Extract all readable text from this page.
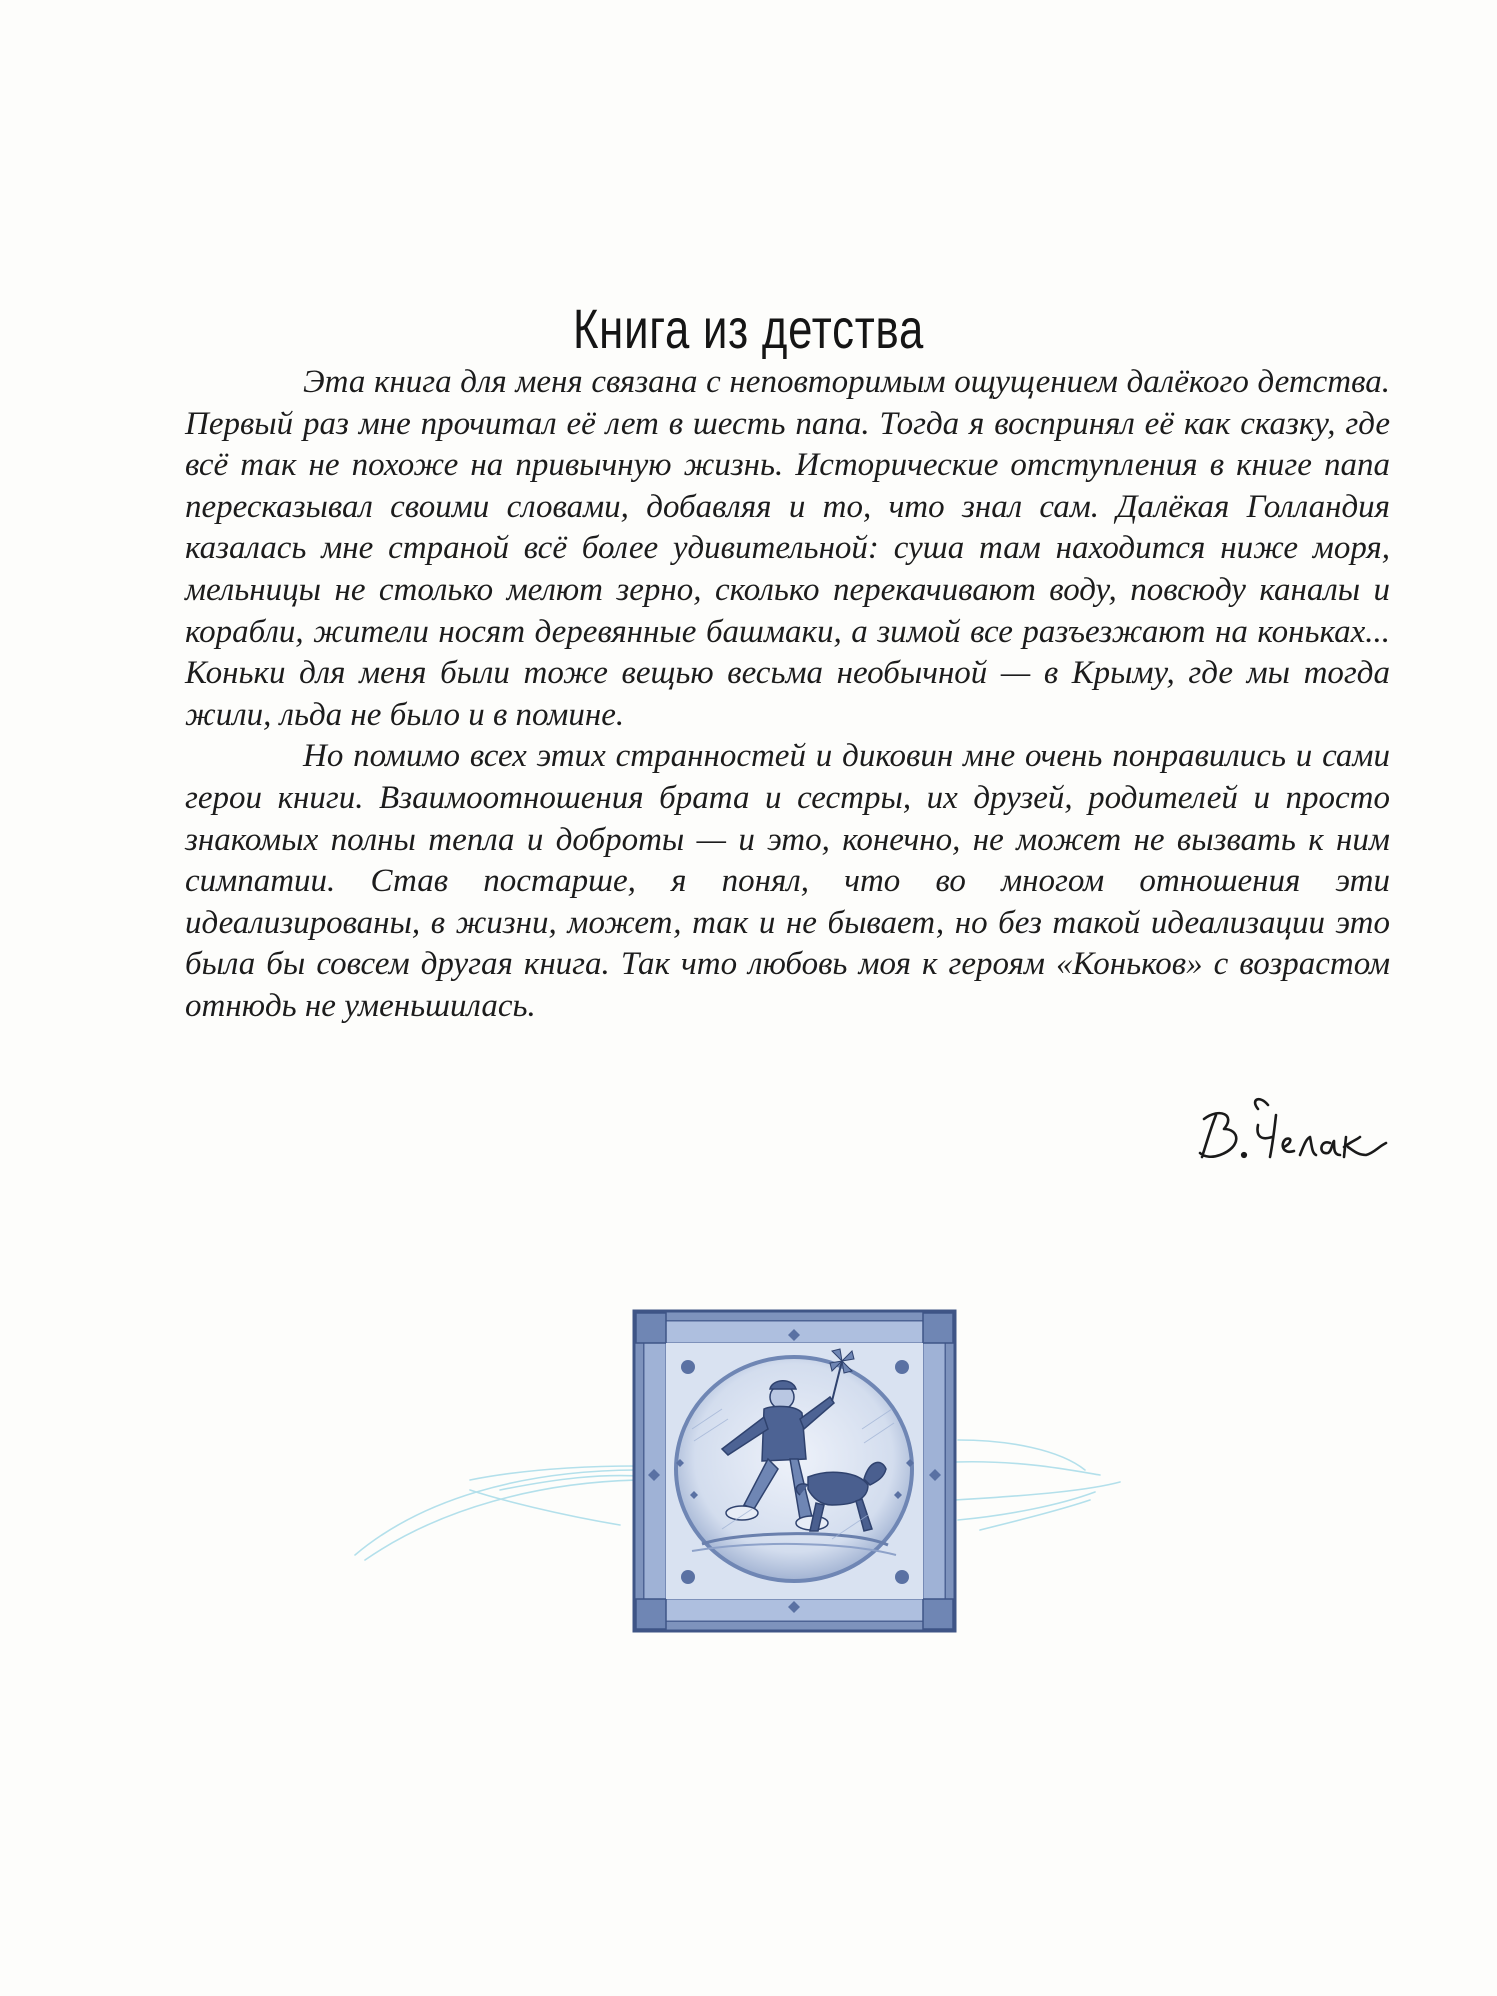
Книга из детства

Эта книга для меня связана с неповторимым ощущением далёкого детства. Первый раз мне прочитал её лет в шесть папа. Тогда я воспринял её как сказку, где всё так не похоже на привычную жизнь. Исторические отступления в книге папа пересказывал своими словами, добавляя и то, что знал сам. Далёкая Голландия казалась мне страной всё более удивительной: суша там находится ниже моря, мельницы не столько мелют зерно, сколько перекачивают воду, повсюду каналы и корабли, жители носят деревянные башмаки, а зимой все разъезжают на коньках... Коньки для меня были тоже вещью весьма необычной — в Крыму, где мы тогда жили, льда не было и в помине.

Но помимо всех этих странностей и диковин мне очень понравились и сами герои книги. Взаимоотношения брата и сестры, их друзей, родителей и просто знакомых полны тепла и доброты — и это, конечно, не может не вызвать к ним симпатии. Став постарше, я понял, что во многом отношения эти идеализированы, в жизни, может, так и не бывает, но без такой идеализации это была бы совсем другая книга. Так что любовь моя к героям «Коньков» с возрастом отнюдь не уменьшилась.
